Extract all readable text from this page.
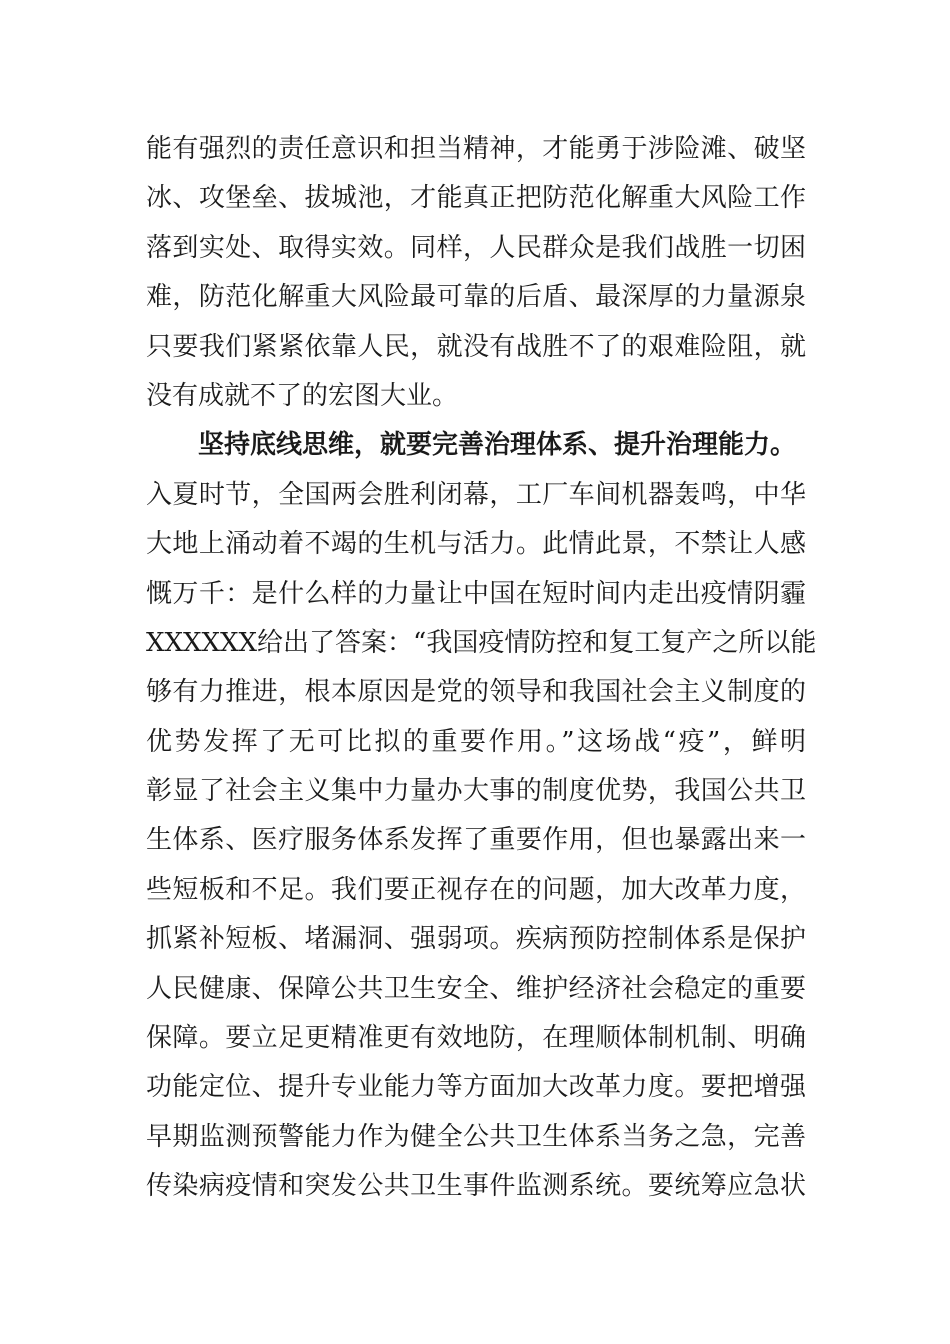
能有强烈的责任意识和担当精神，才能勇于涉险滩、破坚
冰、攻堡垒、拔城池，才能真正把防范化解重大风险工作
落到实处、取得实效。同样，人民群众是我们战胜一切困
难，防范化解重大风险最可靠的后盾、最深厚的力量源泉
只要我们紧紧依靠人民，就没有战胜不了的艰难险阻，就
没有成就不了的宏图大业。
坚持底线思维，就要完善治理体系、提升治理能力。
入夏时节，全国两会胜利闭幕，工厂车间机器轰鸣，中华
大地上涌动着不竭的生机与活力。此情此景，不禁让人感
慨万千：是什么样的力量让中国在短时间内走出疫情阴霾
XXXXXX给出了答案：“我国疫情防控和复工复产之所以能
够有力推进，根本原因是党的领导和我国社会主义制度的
优势发挥了无可比拟的重要作用。”这场战“疫”，鲜明
彰显了社会主义集中力量办大事的制度优势，我国公共卫
生体系、医疗服务体系发挥了重要作用，但也暴露出来一
些短板和不足。我们要正视存在的问题，加大改革力度，
抓紧补短板、堵漏洞、强弱项。疾病预防控制体系是保护
人民健康、保障公共卫生安全、维护经济社会稳定的重要
保障。要立足更精准更有效地防，在理顺体制机制、明确
功能定位、提升专业能力等方面加大改革力度。要把增强
早期监测预警能力作为健全公共卫生体系当务之急，完善
传染病疫情和突发公共卫生事件监测系统。要统筹应急状
